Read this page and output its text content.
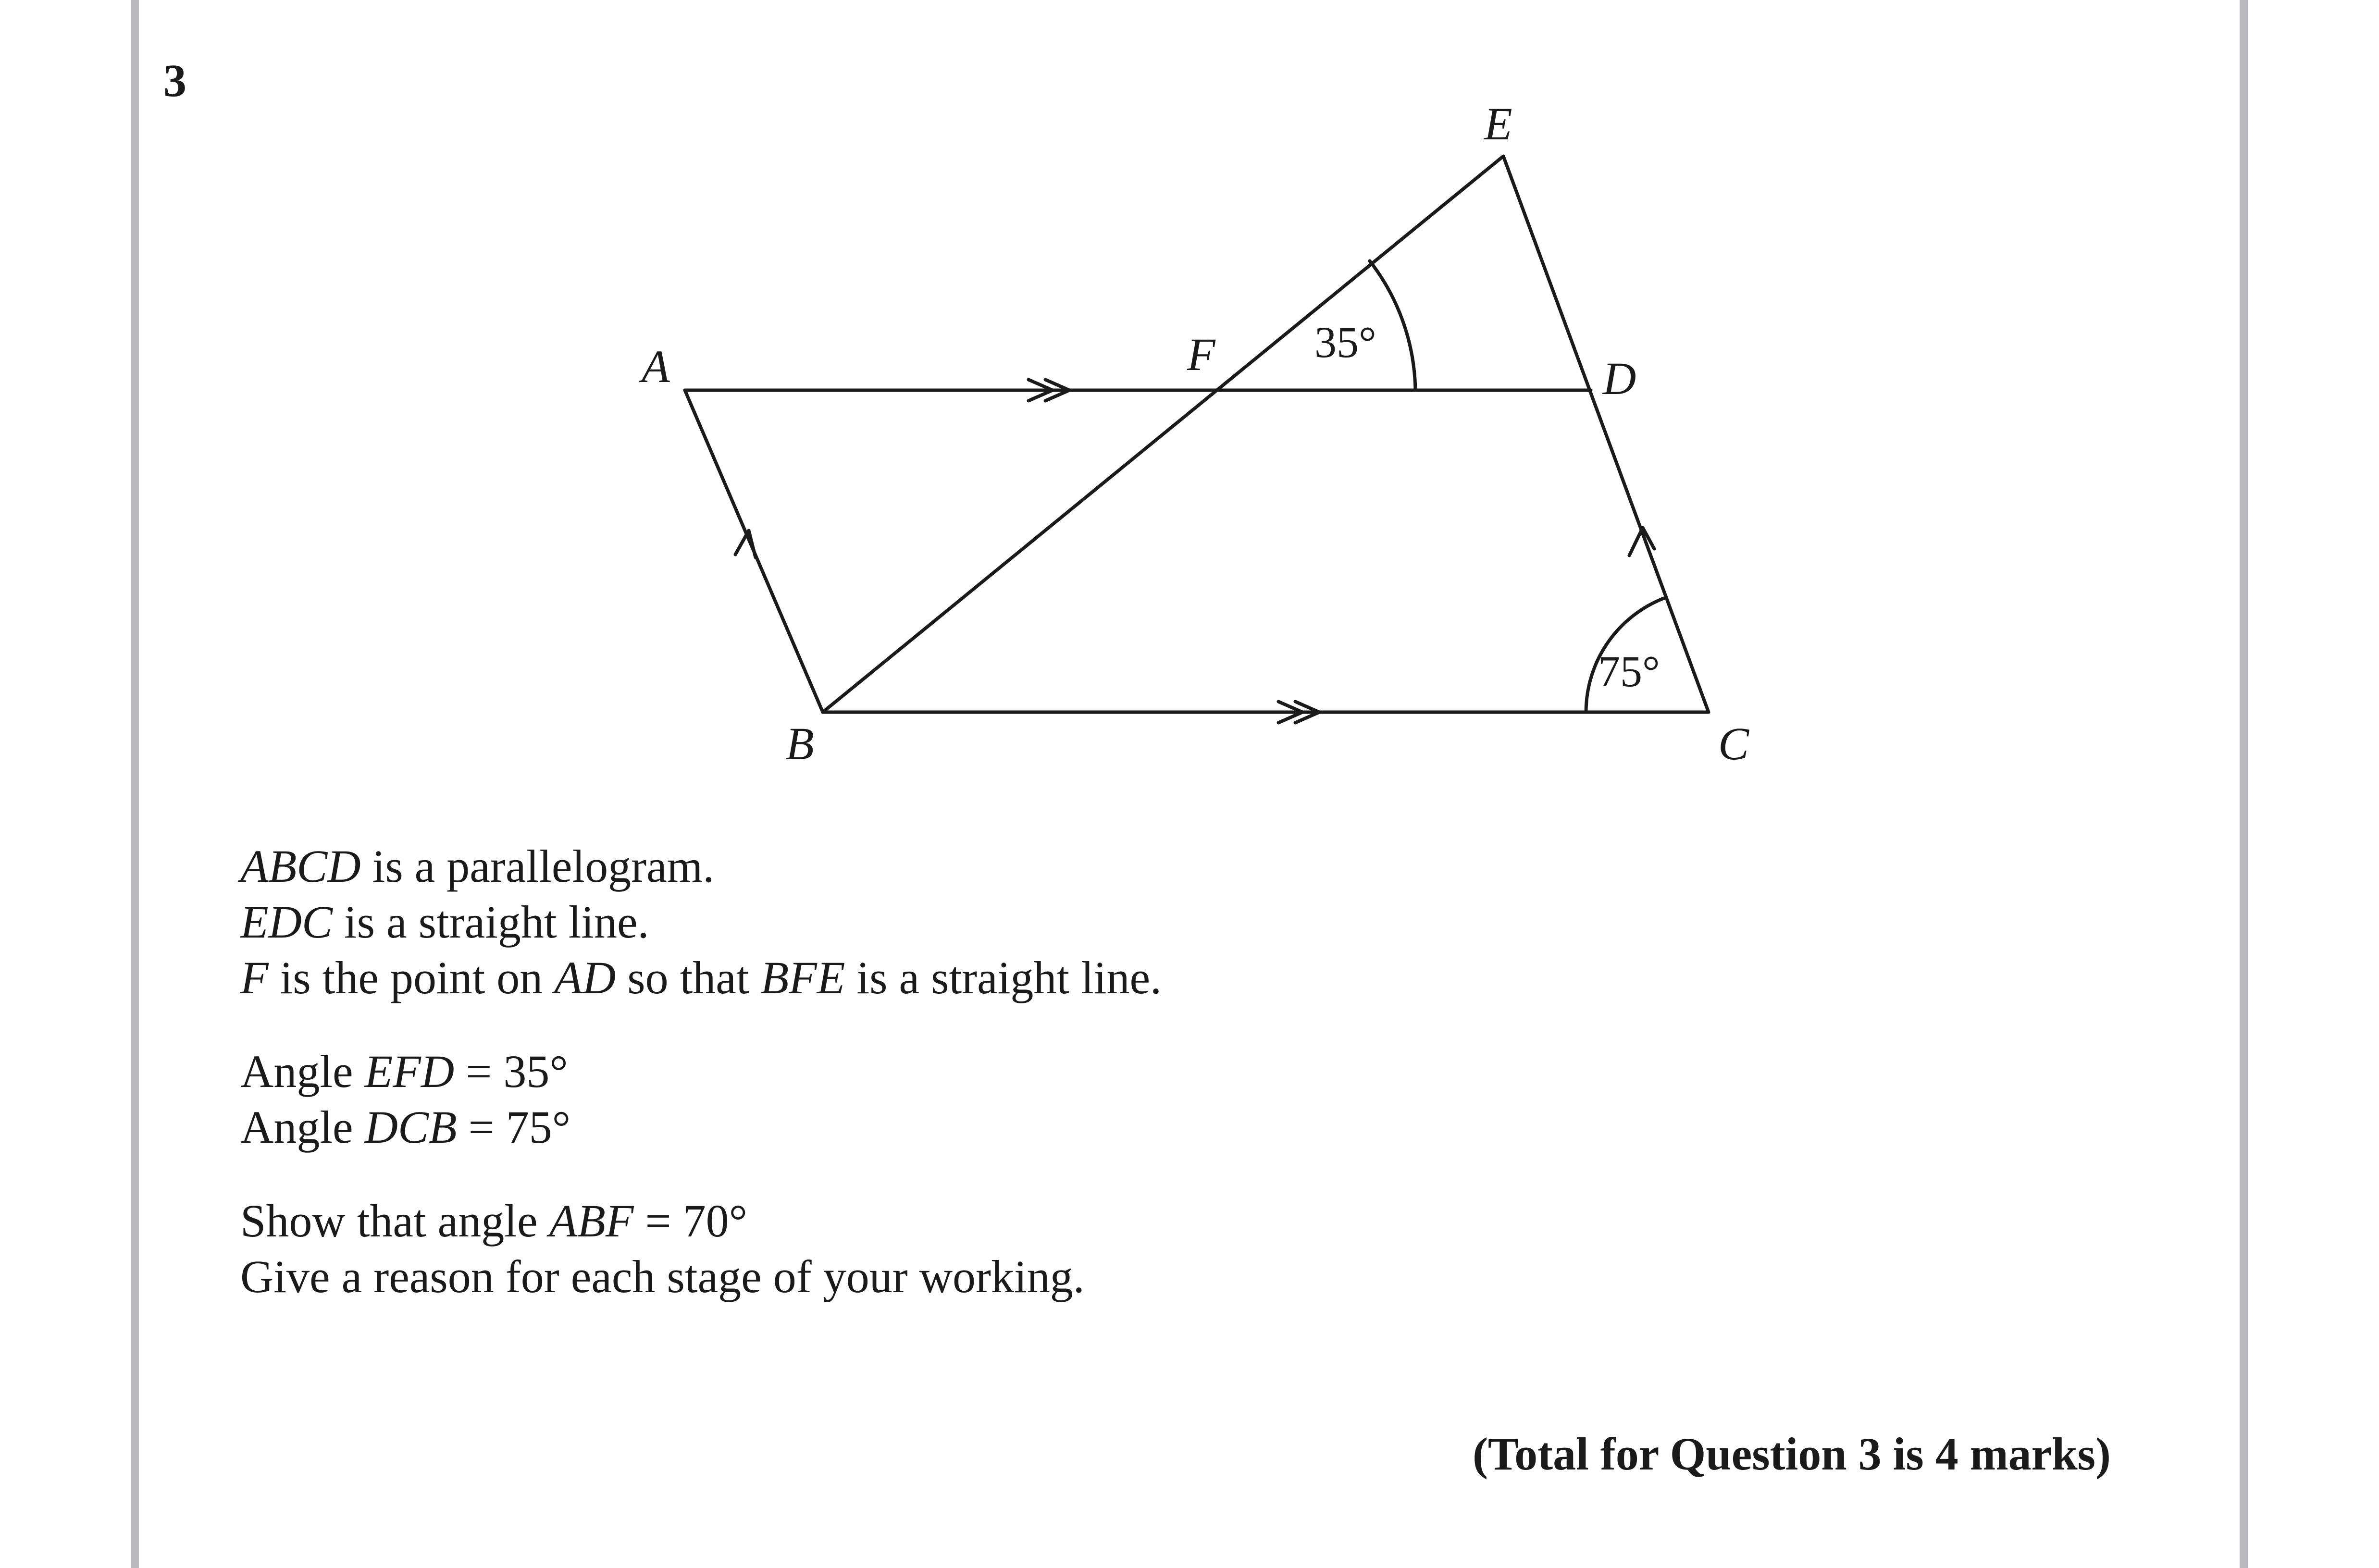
3
A
B	C
D
E
F 35°
75°
ABCD is a parallelogram.
EDC is a straight line.
F is the point on AD so that BFE is a straight line.
Angle EFD = 35°
Angle DCB = 75°
Show that angle ABF = 70°
Give a reason for each stage of your working.
(Total for Question 3 is 4 marks)
